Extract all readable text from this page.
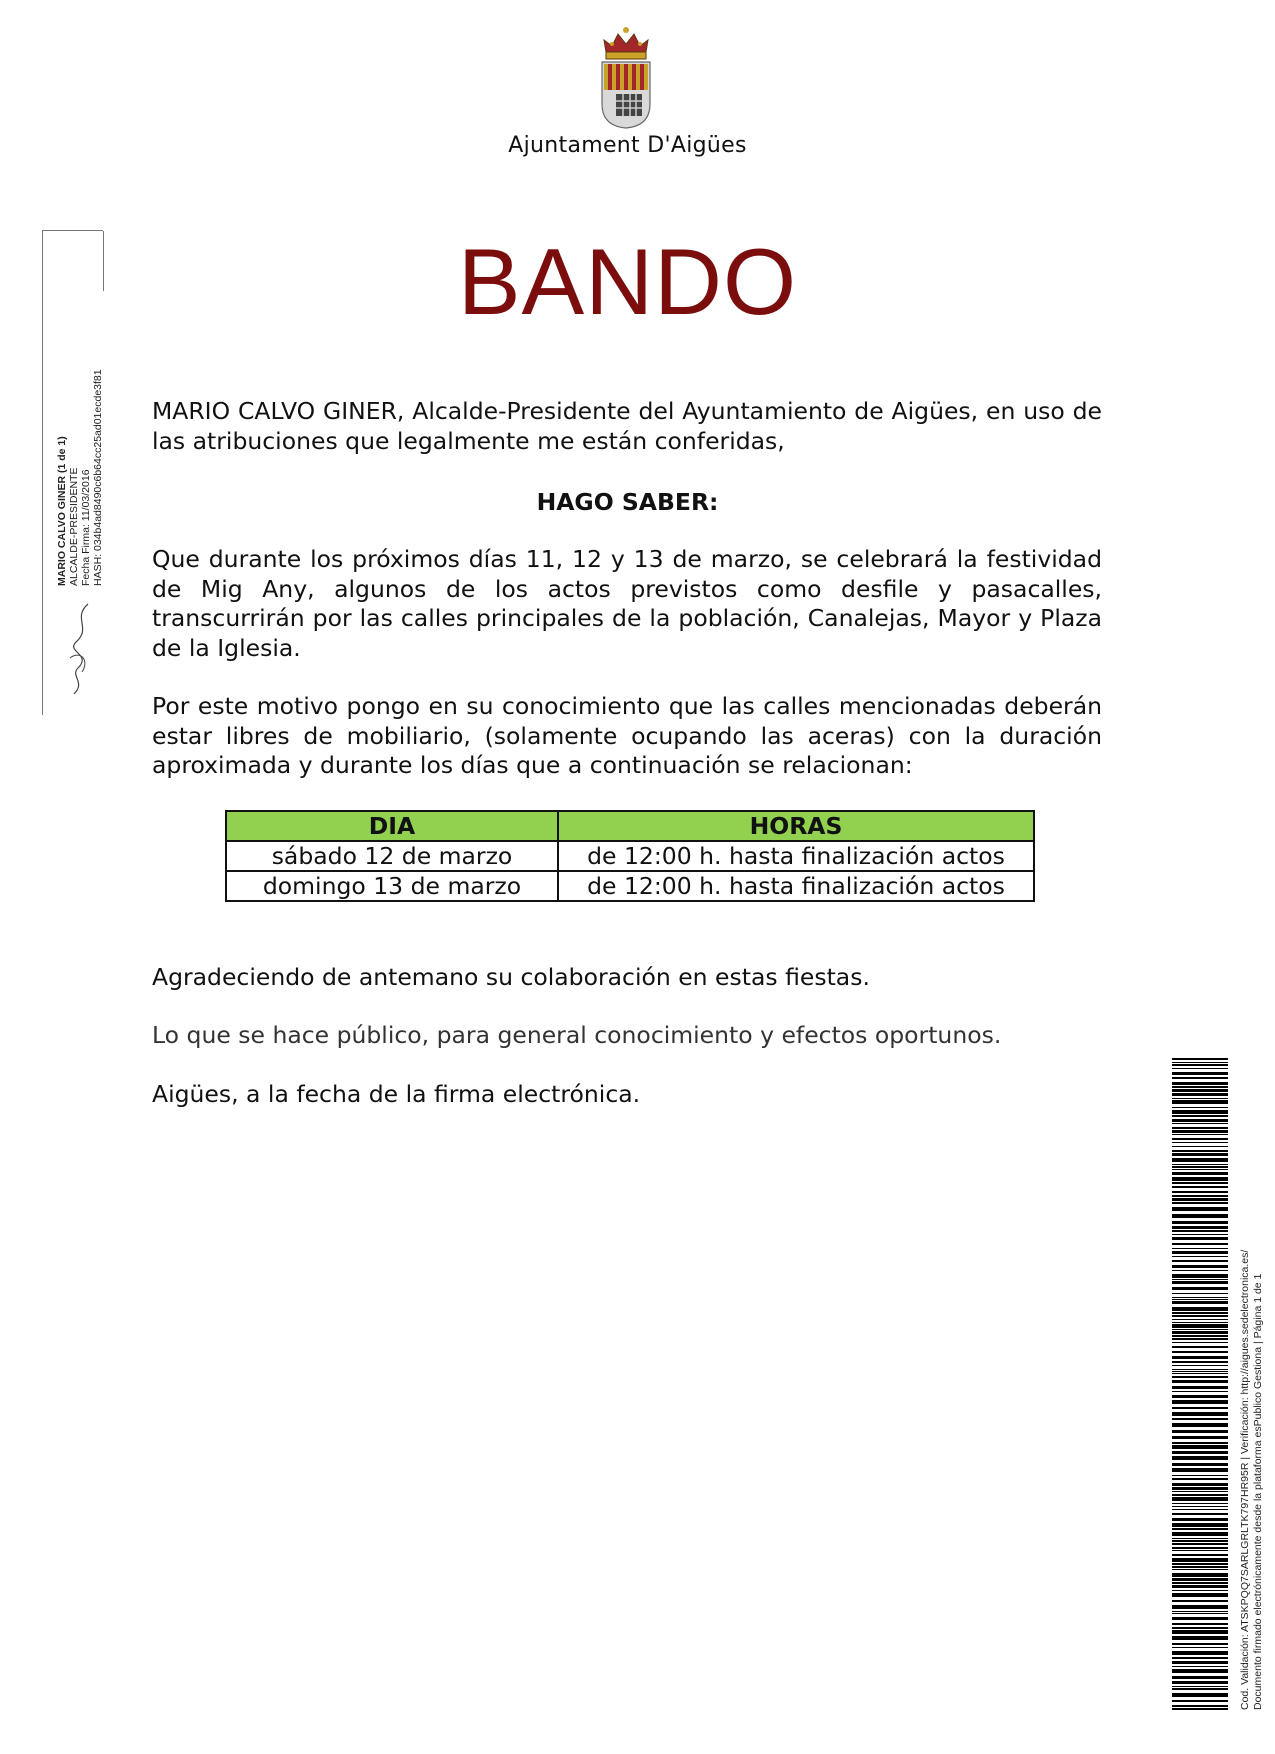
Ajuntament D'Aigües
BANDO
MARIO CALVO GINER, Alcalde-Presidente del Ayuntamiento de Aigües, en uso de las atribuciones que legalmente me están conferidas,
HAGO SABER:
Que durante los próximos días 11, 12 y 13 de marzo, se celebrará la festividad de Mig Any, algunos de los actos previstos como desfile y pasacalles, transcurrirán por las calles principales de la población, Canalejas, Mayor y Plaza de la Iglesia.
Por este motivo pongo en su conocimiento que las calles mencionadas deberán estar libres de mobiliario, (solamente ocupando las aceras) con la duración aproximada y durante los días que a continuación se relacionan:
DIA	HORAS
sábado 12 de marzo	de 12:00 h. hasta finalización actos
domingo 13 de marzo	de 12:00 h. hasta finalización actos
Agradeciendo de antemano su colaboración en estas fiestas.
Lo que se hace público, para general conocimiento y efectos oportunos.
Aigües, a la fecha de la firma electrónica.
MARIO CALVO GINER (1 de 1) ALCALDE-PRESIDENTE Fecha Firma: 11/03/2016 HASH: 034b4ad8490c6b64cc25ad01ecde3f81
Cod. Validación: ATSKPQQ7SARLGRLTK797HR95R | Verificación: http://aigues.sedelectronica.es/ Documento firmado electrónicamente desde la plataforma esPublico Gestiona | Página 1 de 1
